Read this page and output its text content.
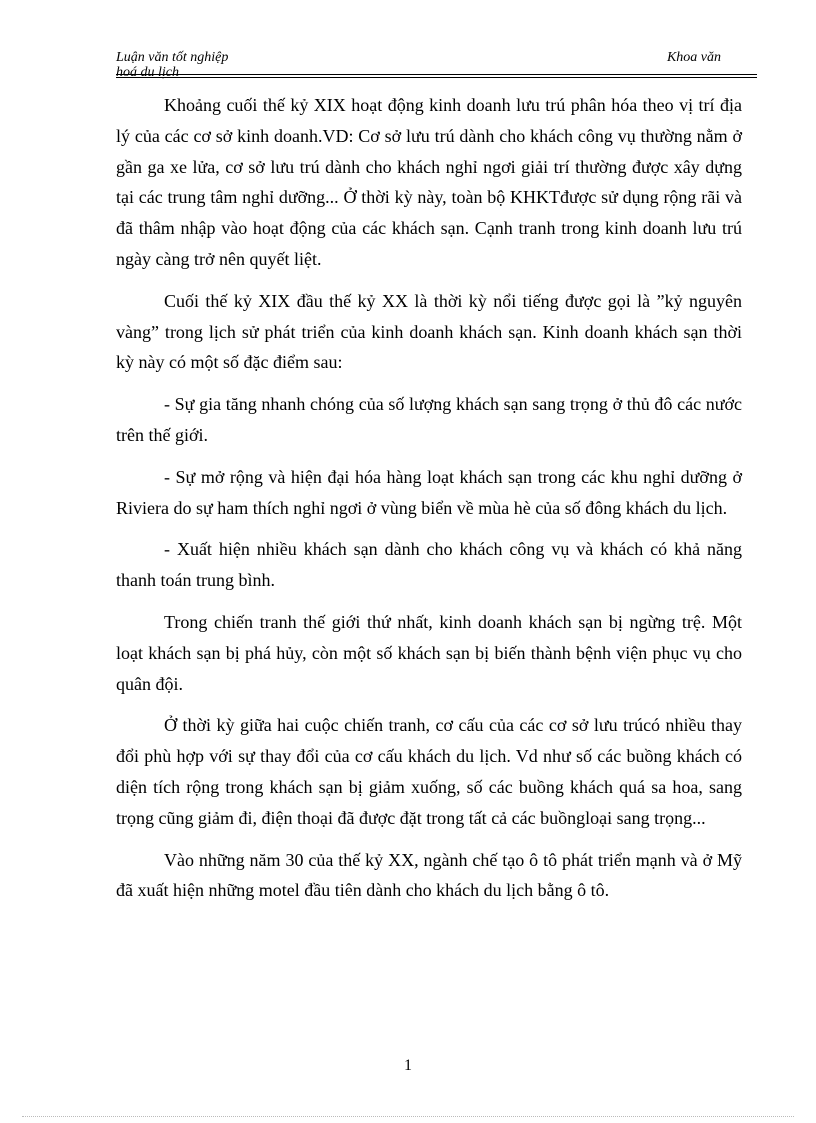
Luận văn tốt nghiệp
hoá du lịch
Khoa văn

Khoảng cuối thế kỷ XIX hoạt động kinh doanh lưu trú phân hóa theo vị trí địa lý của các cơ sở kinh doanh.VD: Cơ sở lưu trú dành cho khách công vụ thường nằm ở gần ga xe lửa, cơ sở lưu trú dành cho khách nghỉ ngơi giải trí thường được xây dựng tại các trung tâm nghỉ dưỡng... Ở thời kỳ này, toàn bộ KHKTđược sử dụng rộng rãi và đã thâm nhập vào hoạt động của các khách sạn. Cạnh tranh trong kinh doanh lưu trú ngày càng trở nên quyết liệt.

Cuối thế kỷ XIX đầu thế kỷ XX là thời kỳ nổi tiếng được gọi là ”kỷ nguyên vàng” trong lịch sử phát triển của kinh doanh khách sạn. Kinh doanh khách sạn thời kỳ này có một số đặc điểm sau:

- Sự gia tăng nhanh chóng của số lượng khách sạn sang trọng ở thủ đô các nước trên thế giới.

- Sự mở rộng và hiện đại hóa hàng loạt khách sạn trong các khu nghỉ dưỡng ở Riviera do sự ham thích nghỉ ngơi ở vùng biển về mùa hè của số đông khách du lịch.

- Xuất hiện nhiều khách sạn dành cho khách công vụ và khách có khả năng thanh toán trung bình.

Trong chiến tranh thế giới thứ nhất, kinh doanh khách sạn bị ngừng trệ. Một loạt khách sạn bị phá hủy, còn một số khách sạn bị biến thành bệnh viện phục vụ cho quân đội.

Ở thời kỳ giữa hai cuộc chiến tranh, cơ cấu của các cơ sở lưu trúcó nhiều thay đổi phù hợp với sự thay đổi của cơ cấu khách du lịch. Vd như số các buồng khách có diện tích rộng trong khách sạn bị giảm xuống, số các buồng khách quá sa hoa, sang trọng cũng giảm đi, điện thoại đã được đặt trong tất cả các buồngloại sang trọng...

Vào những năm 30 của thế kỷ XX, ngành chế tạo ô tô phát triển mạnh và ở Mỹ đã xuất hiện những motel đầu tiên dành cho khách du lịch bằng ô tô.

1
